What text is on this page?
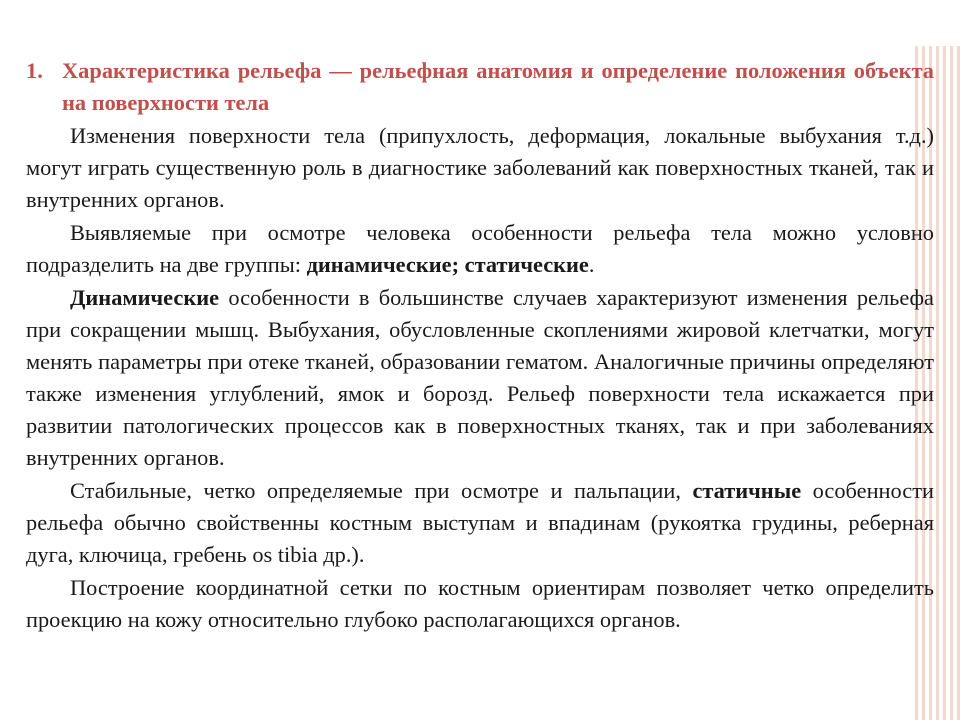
1. Характеристика рельефа — рельефная анатомия и определение положения объекта на поверхности тела

Изменения поверхности тела (припухлость, деформация, локальные выбухания т.д.) могут играть существенную роль в диагностике заболеваний как поверхностных тканей, так и внутренних органов.

Выявляемые при осмотре человека особенности рельефа тела можно условно подразделить на две группы: динамические; статические.

Динамические особенности в большинстве случаев характеризуют изменения рельефа при сокращении мышц. Выбухания, обусловленные скоплениями жировой клетчатки, могут менять параметры при отеке тканей, образовании гематом. Аналогичные причины определяют также изменения углублений, ямок и борозд. Рельеф поверхности тела искажается при развитии патологических процессов как в поверхностных тканях, так и при заболеваниях внутренних органов.

Стабильные, четко определяемые при осмотре и пальпации, статичные особенности рельефа обычно свойственны костным выступам и впадинам (рукоятка грудины, реберная дуга, ключица, гребень os tibia др.).

Построение координатной сетки по костным ориентирам позволяет четко определить проекцию на кожу относительно глубоко располагающихся органов.
